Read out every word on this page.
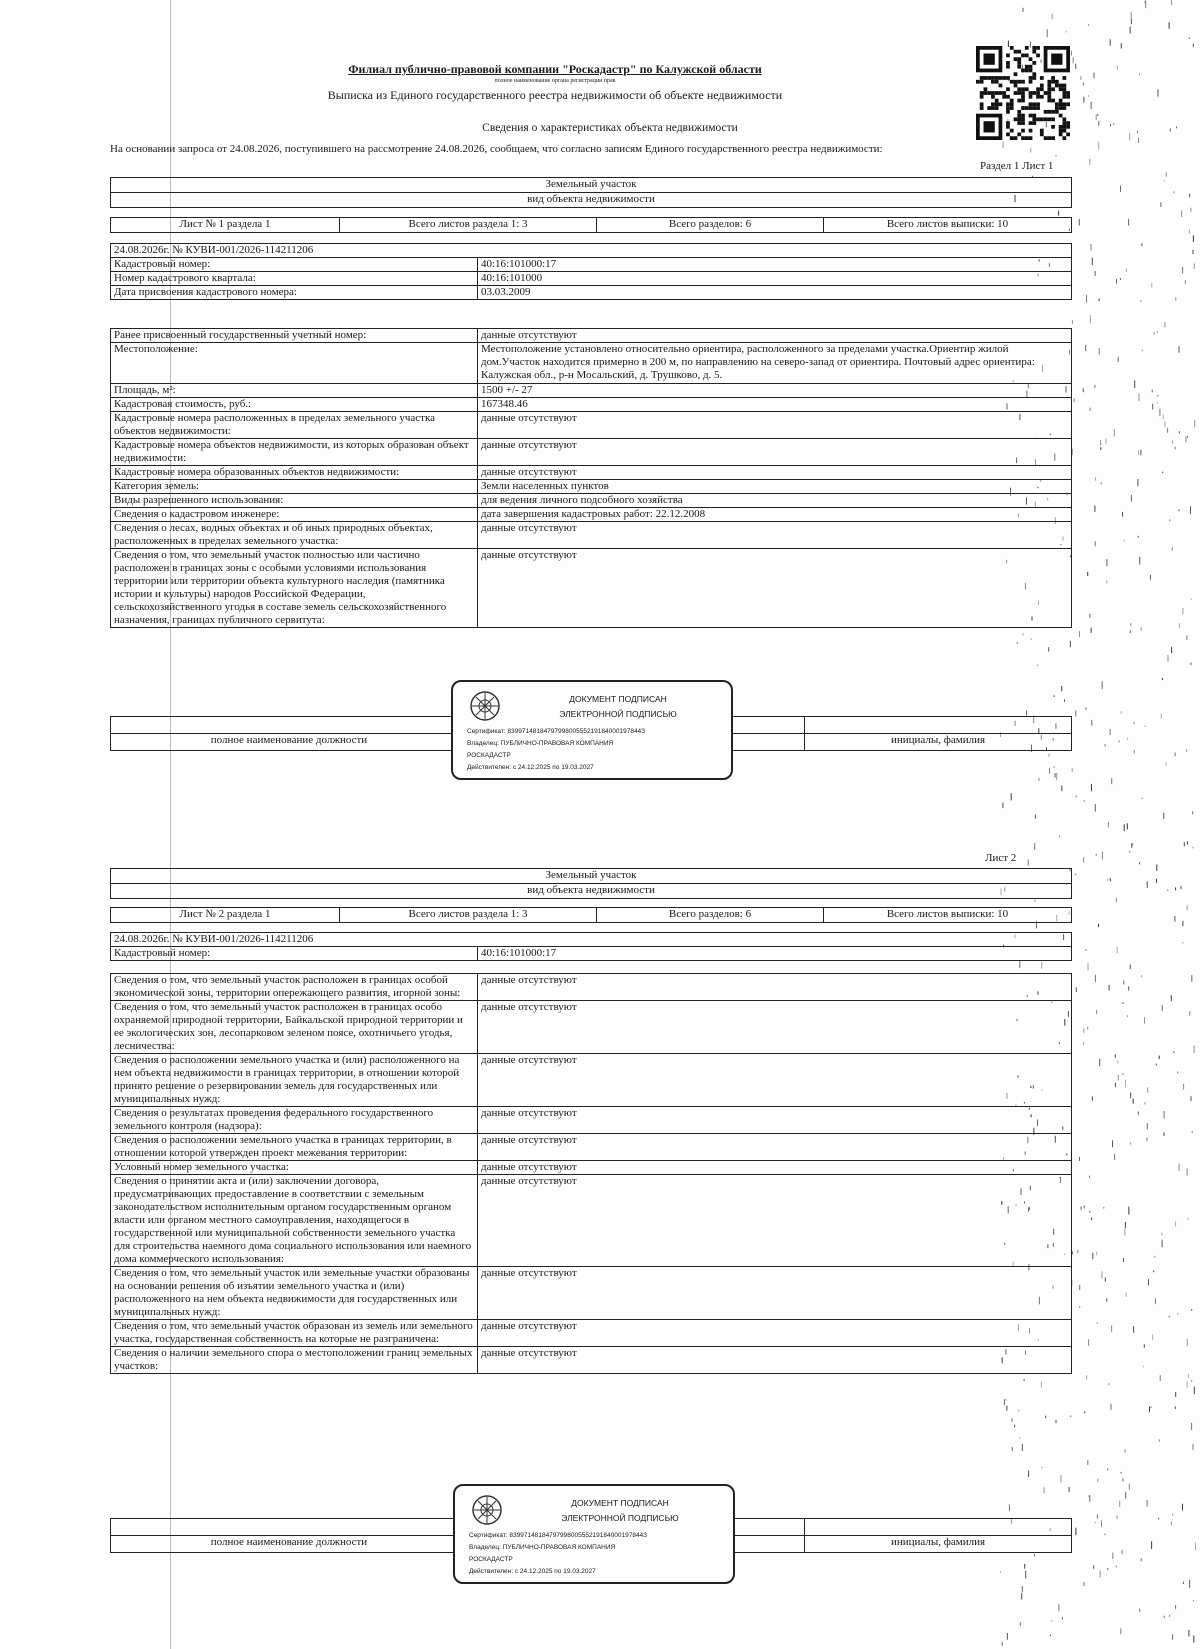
Филиал публично-правовой компании "Роскадастр" по Калужской области
полное наименование органа регистрации прав
Выписка из Единого государственного реестра недвижимости об объекте недвижимости
Сведения о характеристиках объекта недвижимости
На основании запроса от 24.08.2026, поступившего на рассмотрение 24.08.2026, сообщаем, что согласно записям Единого государственного реестра недвижимости:
Раздел 1 Лист 1
Земельный участок
вид объекта недвижимости
Лист № 1 раздела 1	Всего листов раздела 1: 3	Всего разделов: 6	Всего листов выписки: 10
24.08.2026г. № КУВИ-001/2026-114211206	
Кадастровый номер:	40:16:101000:17
Номер кадастрового квартала:	40:16:101000
Дата присвоения кадастрового номера:	03.03.2009
Ранее присвоенный государственный учетный номер:	данные отсутствуют
Местоположение:	Местоположение установлено относительно ориентира, расположенного за пределами участка.Ориентир жилой дом.Участок находится примерно в 200 м, по направлению на северо-запад от ориентира. Почтовый адрес ориентира: Калужская обл., р-н Мосальский, д. Трушково, д. 5.
Площадь, м²:	1500 +/- 27
Кадастровая стоимость, руб.:	167348.46
Кадастровые номера расположенных в пределах земельного участка объектов недвижимости:	данные отсутствуют
Кадастровые номера объектов недвижимости, из которых образован объект недвижимости:	данные отсутствуют
Кадастровые номера образованных объектов недвижимости:	данные отсутствуют
Категория земель:	Земли населенных пунктов
Виды разрешенного использования:	для ведения личного подсобного хозяйства
Сведения о кадастровом инженере:	дата завершения кадастровых работ: 22.12.2008
Сведения о лесах, водных объектах и об иных природных объектах, расположенных в пределах земельного участка:	данные отсутствуют
Сведения о том, что земельный участок полностью или частично расположен в границах зоны с особыми условиями использования территории или территории объекта культурного наследия (памятника истории и культуры) народов Российской Федерации, сельскохозяйственного угодья в составе земель сельскохозяйственного назначения, границах публичного сервитута:	данные отсутствуют

полное наименование должности		инициалы, фамилия
ДОКУМЕНТ ПОДПИСАН
ЭЛЕКТРОННОЙ ПОДПИСЬЮ
Сертификат: 8399714818479799800555219184000197844З
Владелец: ПУБЛИЧНО-ПРАВОВАЯ КОМПАНИЯ
РОСКАДАСТР
Действителен: с 24.12.2025 по 19.03.2027
Лист 2
Земельный участок
вид объекта недвижимости
Лист № 2 раздела 1	Всего листов раздела 1: 3	Всего разделов: 6	Всего листов выписки: 10
24.08.2026г. № КУВИ-001/2026-114211206
Кадастровый номер:	40:16:101000:17
Сведения о том, что земельный участок расположен в границах особой экономической зоны, территории опережающего развития, игорной зоны:	данные отсутствуют
Сведения о том, что земельный участок расположен в границах особо охраняемой природной территории, Байкальской природной территории и ее экологических зон, лесопарковом зеленом поясе, охотничьего угодья, лесничества:	данные отсутствуют
Сведения о расположении земельного участка и (или) расположенного на нем объекта недвижимости в границах территории, в отношении которой принято решение о резервировании земель для государственных или муниципальных нужд:	данные отсутствуют
Сведения о результатах проведения федерального государственного земельного контроля (надзора):	данные отсутствуют
Сведения о расположении земельного участка в границах территории, в отношении которой утвержден проект межевания территории:	данные отсутствуют
Условный номер земельного участка:	данные отсутствуют
Сведения о принятии акта и (или) заключении договора, предусматривающих предоставление в соответствии с земельным законодательством исполнительным органом государственным органом власти или органом местного самоуправления, находящегося в государственной или муниципальной собственности земельного участка для строительства наемного дома социального использования или наемного дома коммерческого использования:	данные отсутствуют
Сведения о том, что земельный участок или земельные участки образованы на основании решения об изъятии земельного участка и (или) расположенного на нем объекта недвижимости для государственных или муниципальных нужд:	данные отсутствуют
Сведения о том, что земельный участок образован из земель или земельного участка, государственная собственность на которые не разграничена:	данные отсутствуют
Сведения о наличии земельного спора о местоположении границ земельных участков:	данные отсутствуют

полное наименование должности		инициалы, фамилия
ДОКУМЕНТ ПОДПИСАН
ЭЛЕКТРОННОЙ ПОДПИСЬЮ
Сертификат: 8399714818479799800555219184000197844З
Владелец: ПУБЛИЧНО-ПРАВОВАЯ КОМПАНИЯ
РОСКАДАСТР
Действителен: с 24.12.2025 по 19.03.2027
